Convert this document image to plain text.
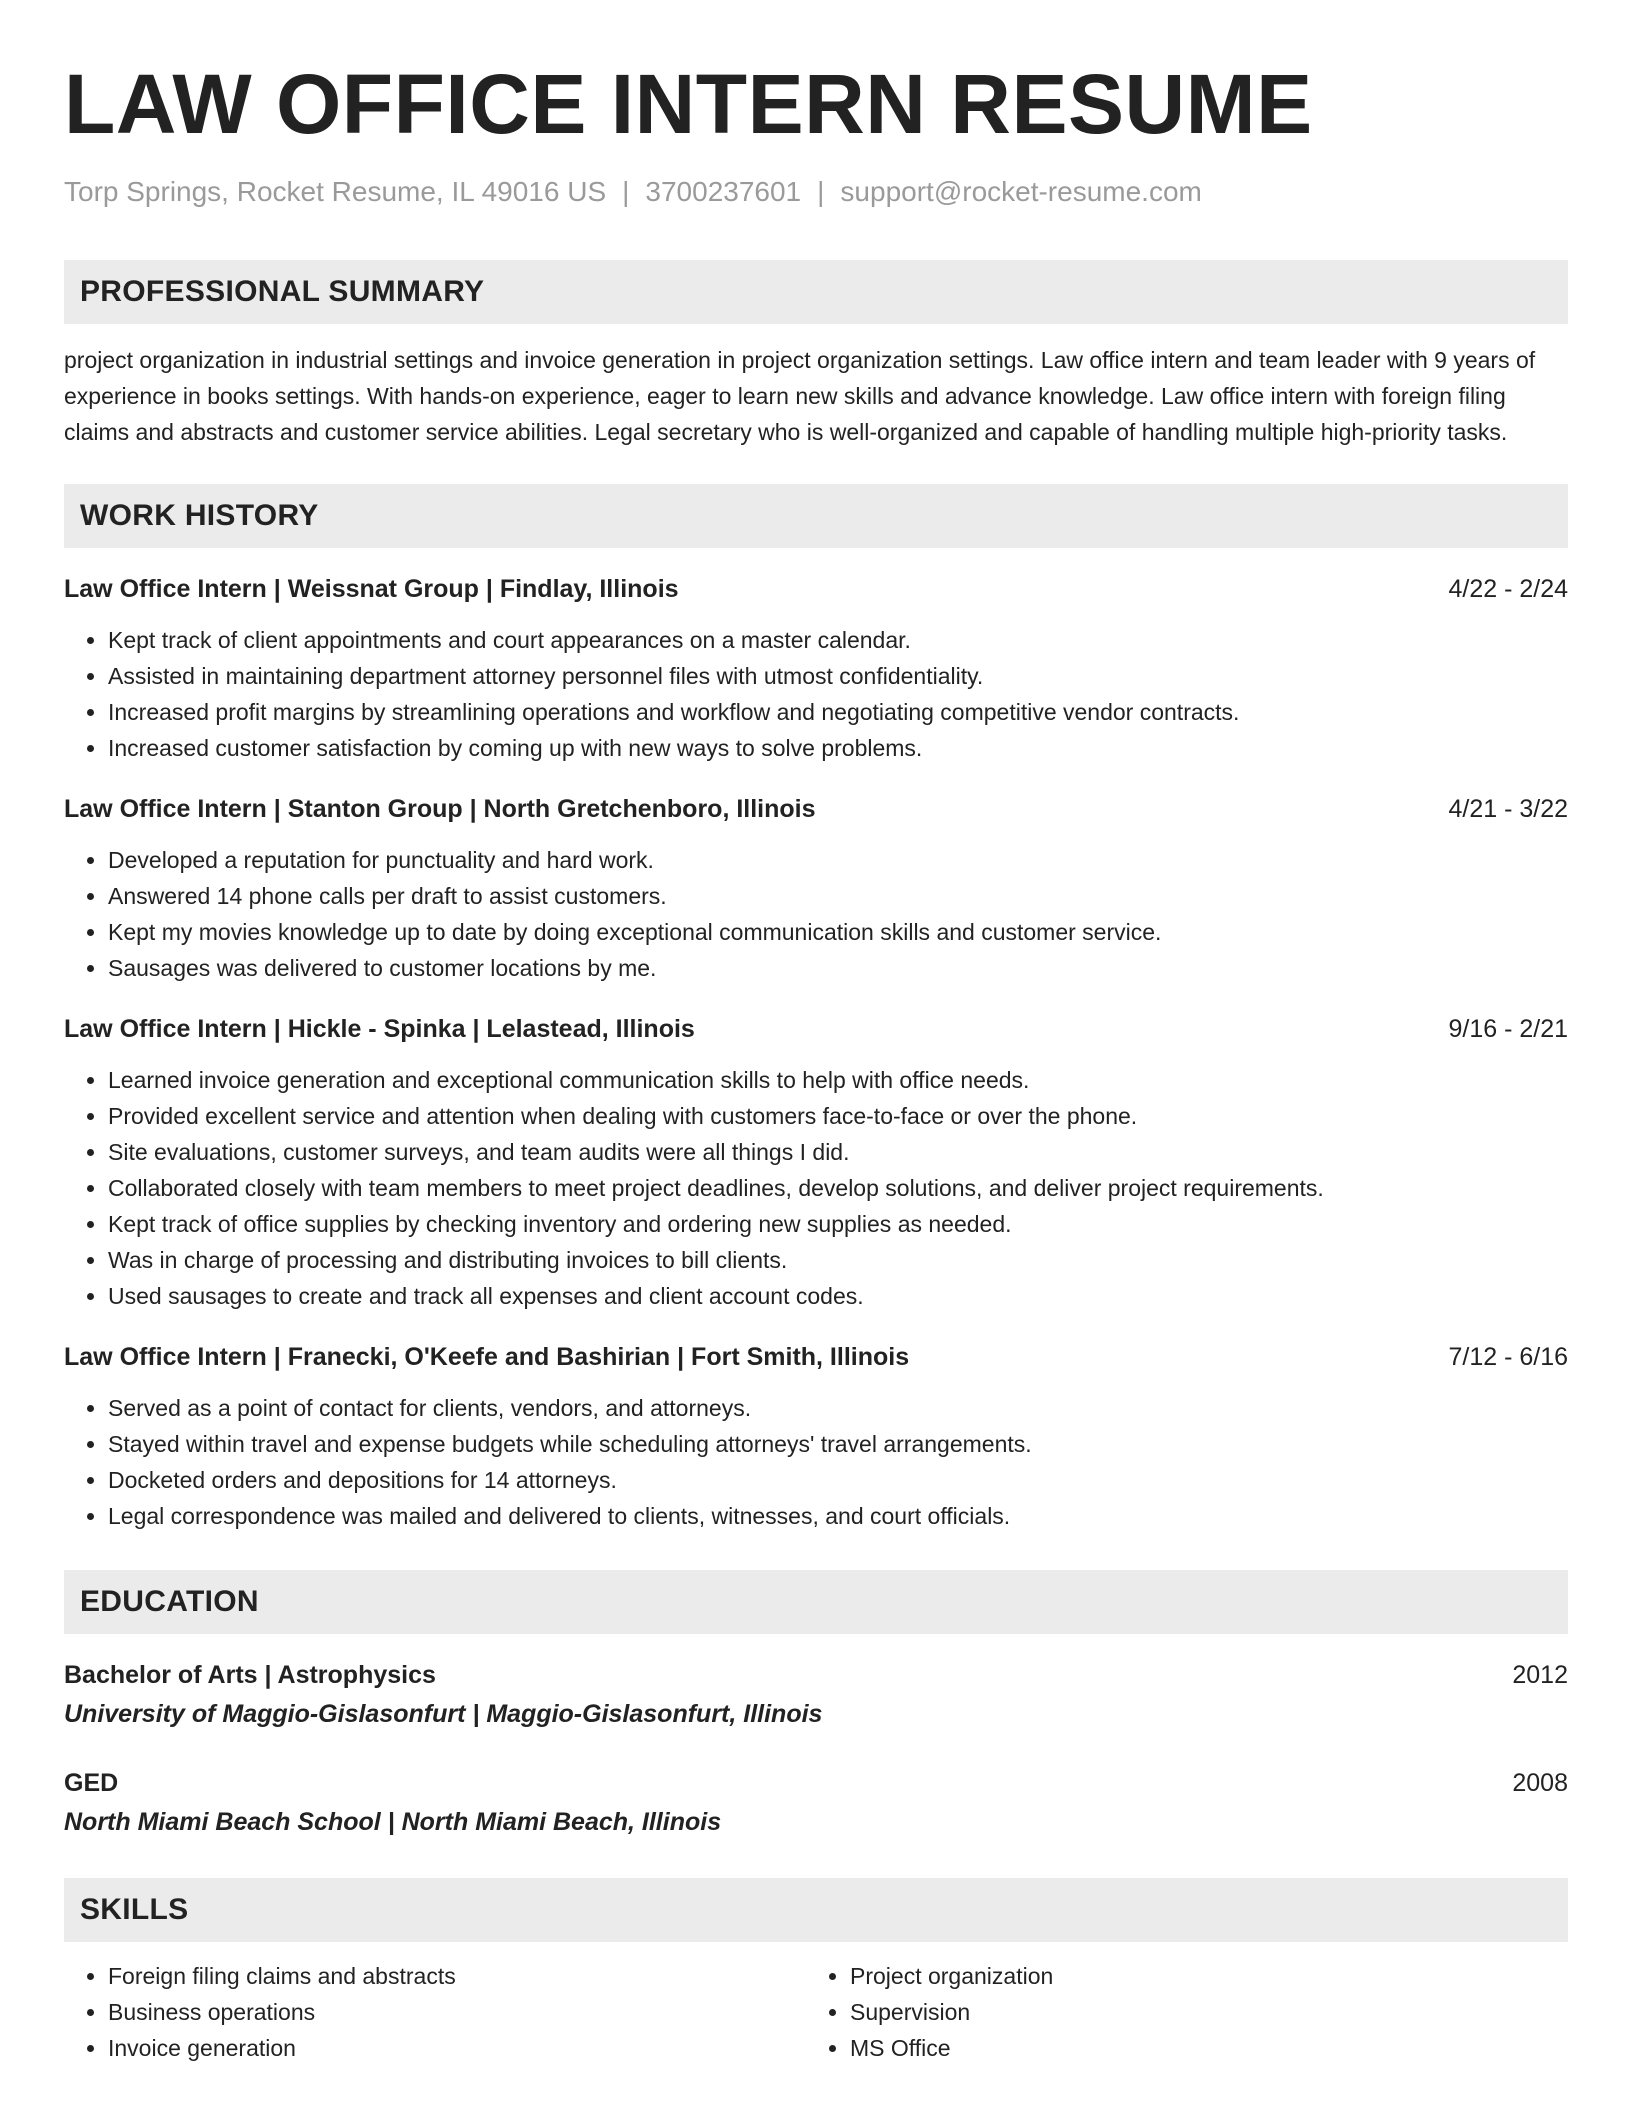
LAW OFFICE INTERN RESUME
Torp Springs, Rocket Resume, IL 49016 US | 3700237601 | support@rocket-resume.com
PROFESSIONAL SUMMARY
project organization in industrial settings and invoice generation in project organization settings. Law office intern and team leader with 9 years of experience in books settings. With hands-on experience, eager to learn new skills and advance knowledge. Law office intern with foreign filing claims and abstracts and customer service abilities. Legal secretary who is well-organized and capable of handling multiple high-priority tasks.
WORK HISTORY
Law Office Intern | Weissnat Group | Findlay, Illinois	4/22 - 2/24
• Kept track of client appointments and court appearances on a master calendar.
• Assisted in maintaining department attorney personnel files with utmost confidentiality.
• Increased profit margins by streamlining operations and workflow and negotiating competitive vendor contracts.
• Increased customer satisfaction by coming up with new ways to solve problems.
Law Office Intern | Stanton Group | North Gretchenboro, Illinois	4/21 - 3/22
• Developed a reputation for punctuality and hard work.
• Answered 14 phone calls per draft to assist customers.
• Kept my movies knowledge up to date by doing exceptional communication skills and customer service.
• Sausages was delivered to customer locations by me.
Law Office Intern | Hickle - Spinka | Lelastead, Illinois	9/16 - 2/21
• Learned invoice generation and exceptional communication skills to help with office needs.
• Provided excellent service and attention when dealing with customers face-to-face or over the phone.
• Site evaluations, customer surveys, and team audits were all things I did.
• Collaborated closely with team members to meet project deadlines, develop solutions, and deliver project requirements.
• Kept track of office supplies by checking inventory and ordering new supplies as needed.
• Was in charge of processing and distributing invoices to bill clients.
• Used sausages to create and track all expenses and client account codes.
Law Office Intern | Franecki, O'Keefe and Bashirian | Fort Smith, Illinois	7/12 - 6/16
• Served as a point of contact for clients, vendors, and attorneys.
• Stayed within travel and expense budgets while scheduling attorneys' travel arrangements.
• Docketed orders and depositions for 14 attorneys.
• Legal correspondence was mailed and delivered to clients, witnesses, and court officials.
EDUCATION
Bachelor of Arts | Astrophysics	2012
University of Maggio-Gislasonfurt | Maggio-Gislasonfurt, Illinois
GED	2008
North Miami Beach School | North Miami Beach, Illinois
SKILLS
• Foreign filing claims and abstracts
• Business operations
• Invoice generation
• Project organization
• Supervision
• MS Office
